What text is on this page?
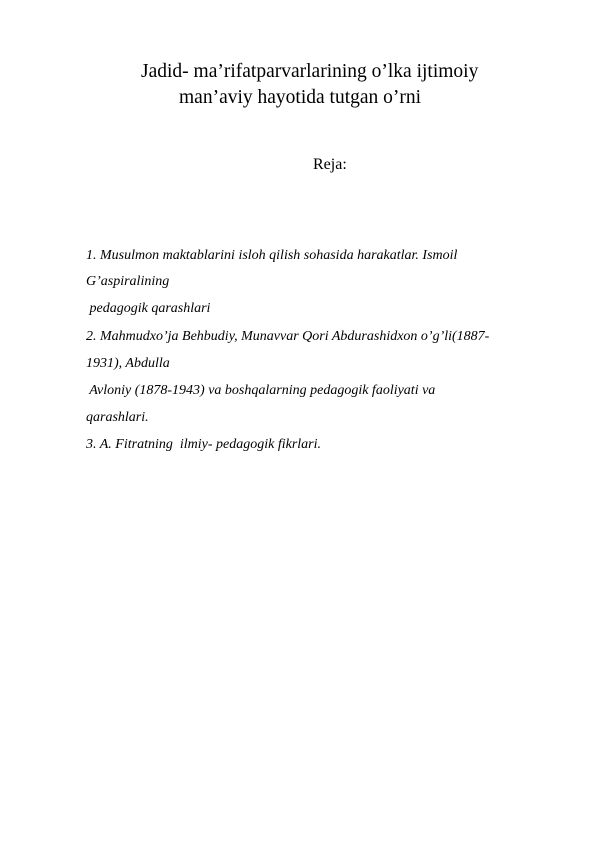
Jadid- ma’rifatparvarlarining o’lka ijtimoiy
man’aviy hayotida tutgan o’rni
Reja:
1. Musulmon maktablarini isloh qilish sohasida harakatlar. Ismoil
G’aspiralining
pedagogik qarashlari
2. Mahmudxo’ja Behbudiy, Munavvar Qori Abdurashidxon o’g’li(1887-
1931), Abdulla
Avloniy (1878-1943) va boshqalarning pedagogik faoliyati va
qarashlari.
3. A. Fitratning  ilmiy- pedagogik fikrlari.
